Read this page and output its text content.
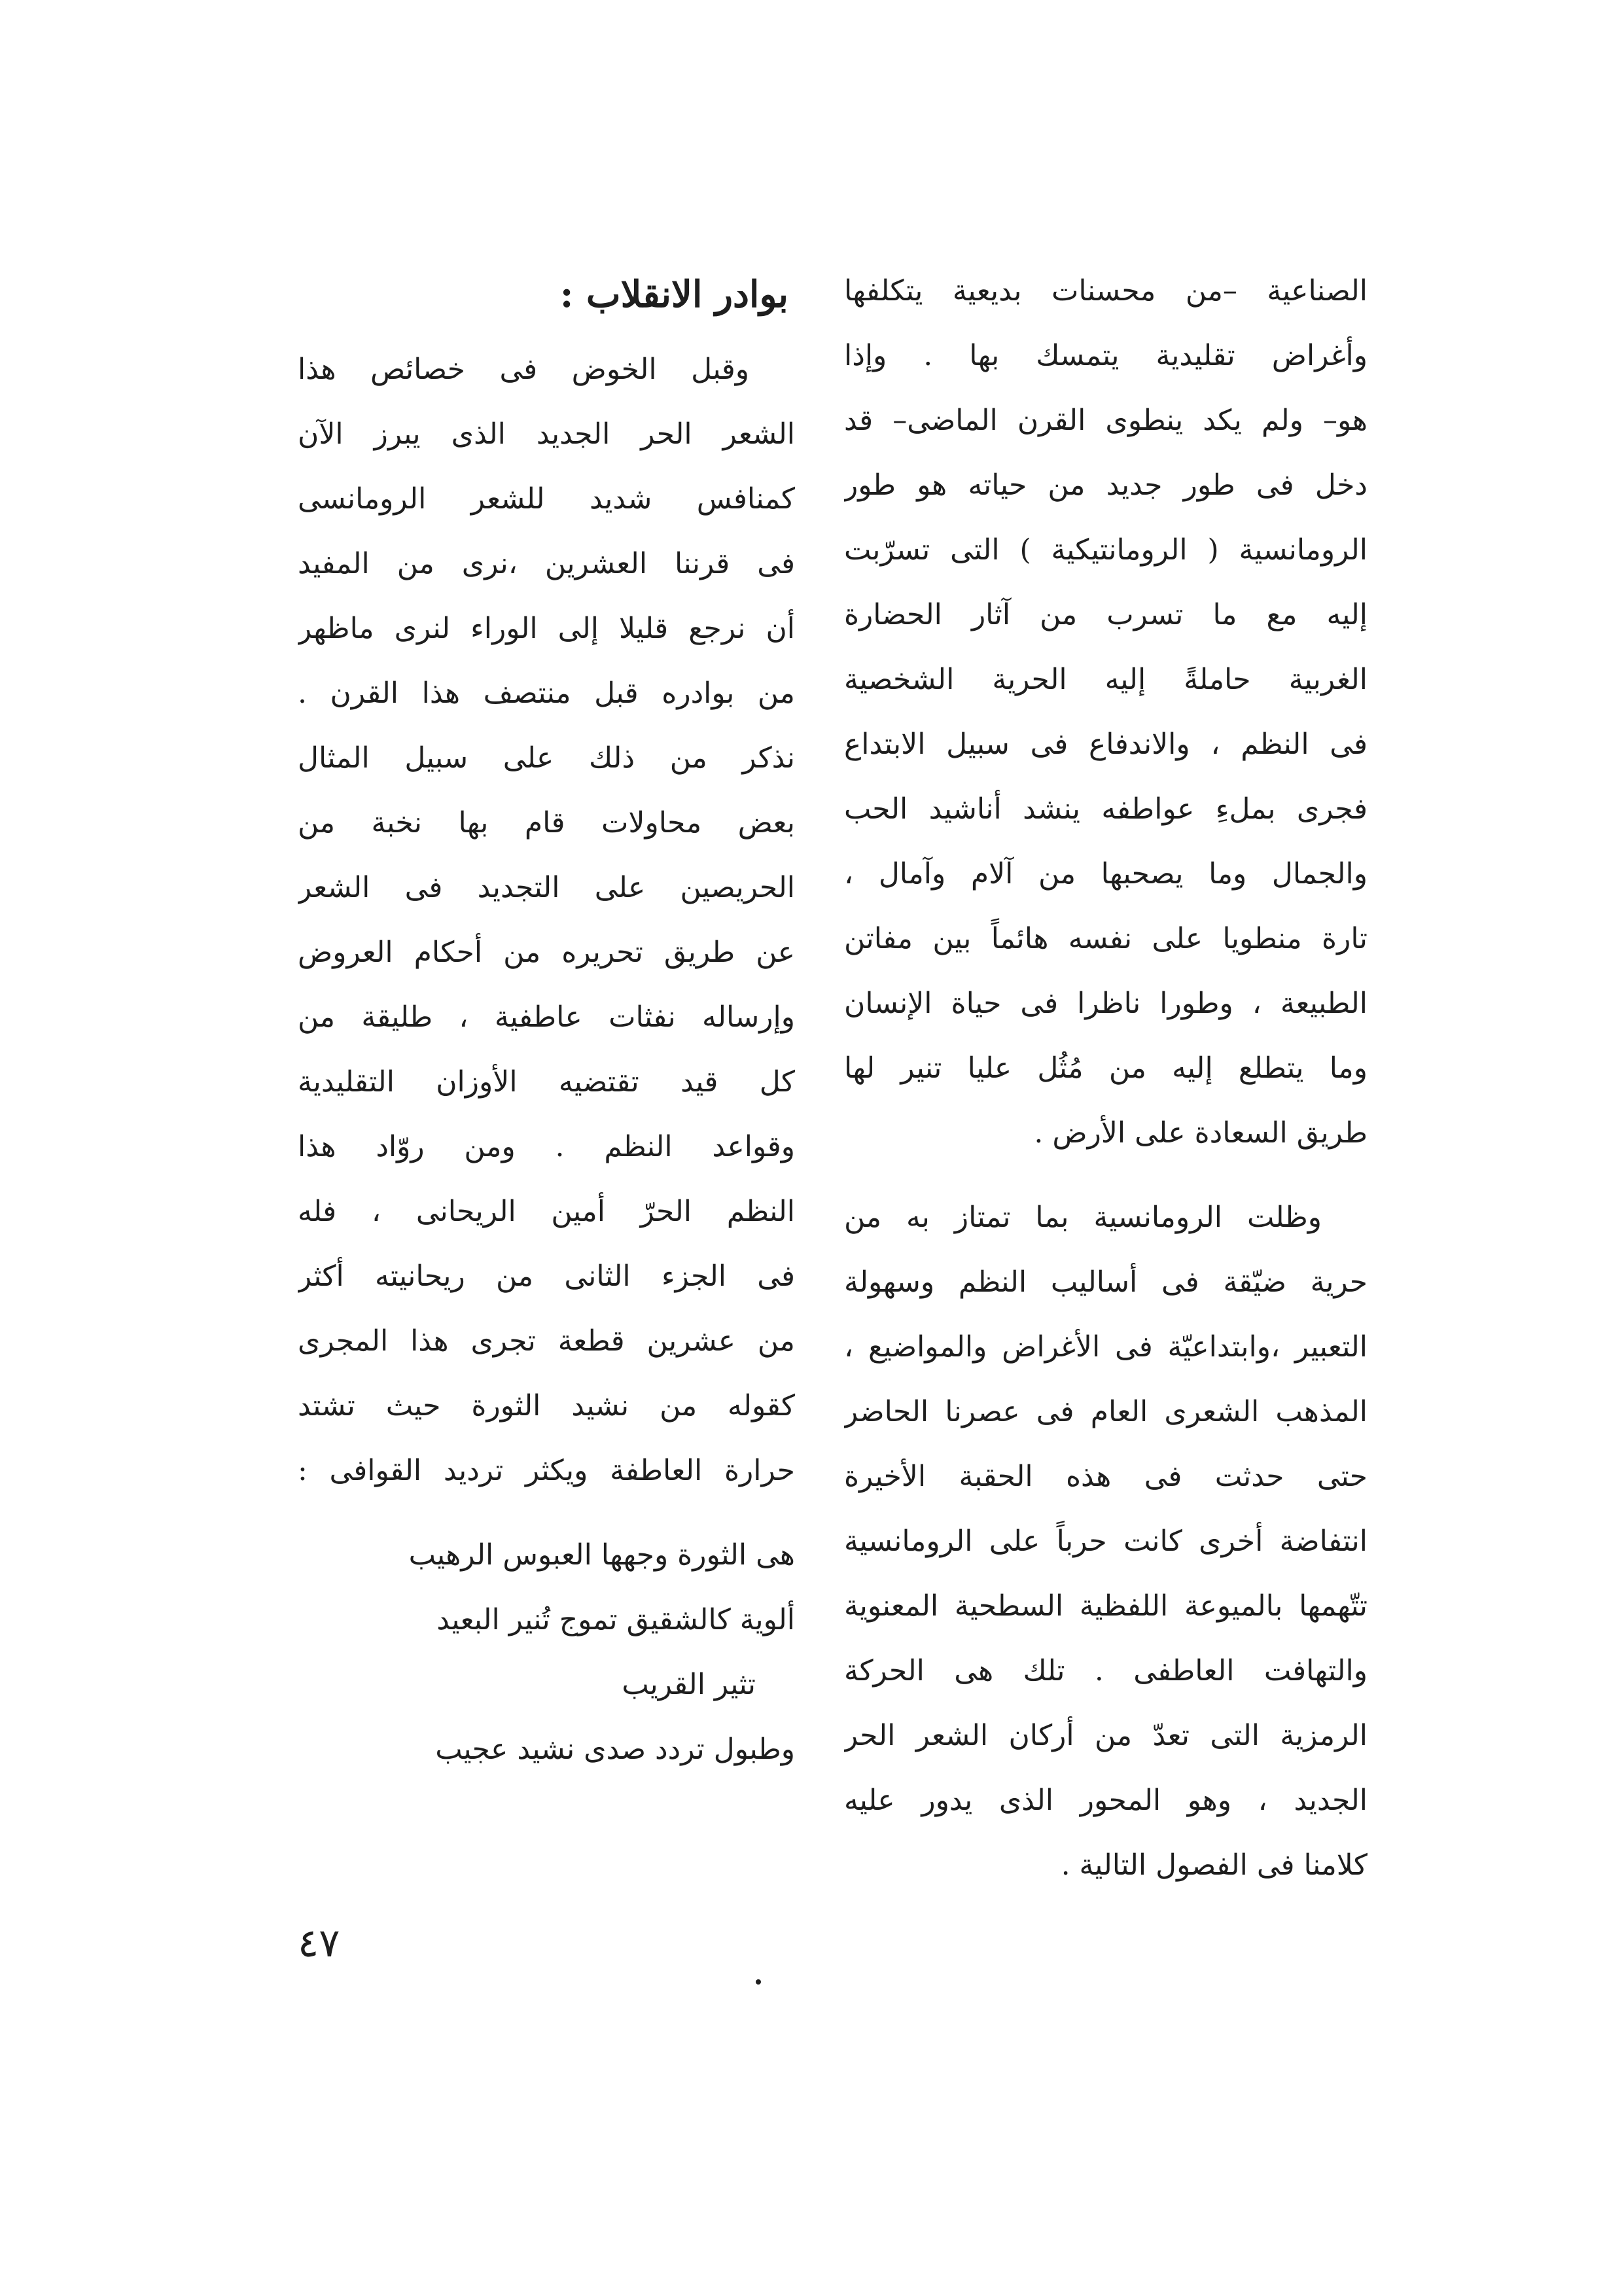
الصناعية –من محسنات بديعية يتكلفها
وأغراض تقليدية يتمسك بها . وإذا
هو– ولم يكد ينطوى القرن الماضى– قد
دخل فى طور جديد من حياته هو طور
الرومانسية ( الرومانتيكية ) التى تسرّبت
إليه مع ما تسرب من آثار الحضارة
الغربية حاملةً إليه الحرية الشخصية
فى النظم ، والاندفاع فى سبيل الابتداع
فجرى بملءِ عواطفه ينشد أناشيد الحب
والجمال وما يصحبها من آلام وآمال ،
تارة منطويا على نفسه هائماً بين مفاتن
الطبيعة ، وطورا ناظرا فى حياة الإنسان
وما يتطلع إليه من مُثُل عليا تنير لها
طريق السعادة على الأرض .
وظلت الرومانسية بما تمتاز به من
حرية ضيّقة فى أساليب النظم وسهولة
التعبير ،وابتداعيّة فى الأغراض والمواضيع ،
المذهب الشعرى العام فى عصرنا الحاضر
حتى حدثت فى هذه الحقبة الأخيرة
انتفاضة أخرى كانت حرباً على الرومانسية
تتّهمها بالميوعة اللفظية السطحية المعنوية
والتهافت العاطفى . تلك هى الحركة
الرمزية التى تعدّ من أركان الشعر الحر
الجديد ، وهو المحور الذى يدور عليه
كلامنا فى الفصول التالية .
بوادر الانقلاب :
وقبل الخوض فى خصائص هذا
الشعر الحر الجديد الذى يبرز الآن
كمنافس شديد للشعر الرومانسى
فى قرننا العشرين ،نرى من المفيد
أن نرجع قليلا إلى الوراء لنرى ماظهر
من بوادره قبل منتصف هذا القرن .
نذكر من ذلك على سبيل المثال
بعض محاولات قام بها نخبة من
الحريصين على التجديد فى الشعر
عن طريق تحريره من أحكام العروض
وإرساله نفثات عاطفية ، طليقة من
كل قيد تقتضيه الأوزان التقليدية
وقواعد النظم . ومن روّاد هذا
النظم الحرّ أمين الريحانى ، فله
فى الجزء الثانى من ريحانيته أكثر
من عشرين قطعة تجرى هذا المجرى
كقوله من نشيد الثورة حيث تشتد
حرارة العاطفة ويكثر ترديد القوافى :
هى الثورة وجهها العبوس الرهيب
ألوية كالشقيق تموج تُنير البعيد
تثير القريب
وطبول تردد صدى نشيد عجيب
٤٧
